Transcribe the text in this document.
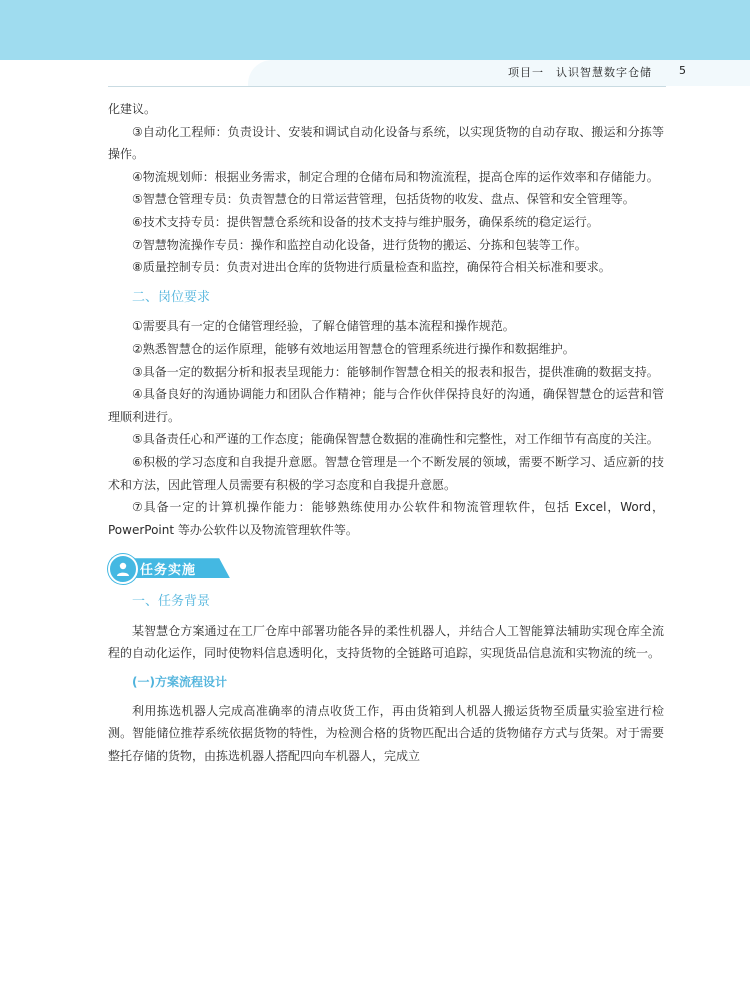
项目一　认识智慧数字仓储 5

化建议。

③自动化工程师：负责设计、安装和调试自动化设备与系统，以实现货物的自动存取、搬运和分拣等操作。

④物流规划师：根据业务需求，制定合理的仓储布局和物流流程，提高仓库的运作效率和存储能力。

⑤智慧仓管理专员：负责智慧仓的日常运营管理，包括货物的收发、盘点、保管和安全管理等。

⑥技术支持专员：提供智慧仓系统和设备的技术支持与维护服务，确保系统的稳定运行。

⑦智慧物流操作专员：操作和监控自动化设备，进行货物的搬运、分拣和包装等工作。

⑧质量控制专员：负责对进出仓库的货物进行质量检查和监控，确保符合相关标准和要求。

二、岗位要求

①需要具有一定的仓储管理经验，了解仓储管理的基本流程和操作规范。

②熟悉智慧仓的运作原理，能够有效地运用智慧仓的管理系统进行操作和数据维护。

③具备一定的数据分析和报表呈现能力：能够制作智慧仓相关的报表和报告，提供准确的数据支持。

④具备良好的沟通协调能力和团队合作精神；能与合作伙伴保持良好的沟通，确保智慧仓的运营和管理顺利进行。

⑤具备责任心和严谨的工作态度；能确保智慧仓数据的准确性和完整性，对工作细节有高度的关注。

⑥积极的学习态度和自我提升意愿。智慧仓管理是一个不断发展的领域，需要不断学习、适应新的技术和方法，因此管理人员需要有积极的学习态度和自我提升意愿。

⑦具备一定的计算机操作能力：能够熟练使用办公软件和物流管理软件，包括 Excel，Word，PowerPoint 等办公软件以及物流管理软件等。

任务实施

一、任务背景

某智慧仓方案通过在工厂仓库中部署功能各异的柔性机器人，并结合人工智能算法辅助实现仓库全流程的自动化运作，同时使物料信息透明化，支持货物的全链路可追踪，实现货品信息流和实物流的统一。

(一)方案流程设计

利用拣选机器人完成高准确率的清点收货工作，再由货箱到人机器人搬运货物至质量实验室进行检测。智能储位推荐系统依据货物的特性，为检测合格的货物匹配出合适的货物储存方式与货架。对于需要整托存储的货物，由拣选机器人搭配四向车机器人，完成立
